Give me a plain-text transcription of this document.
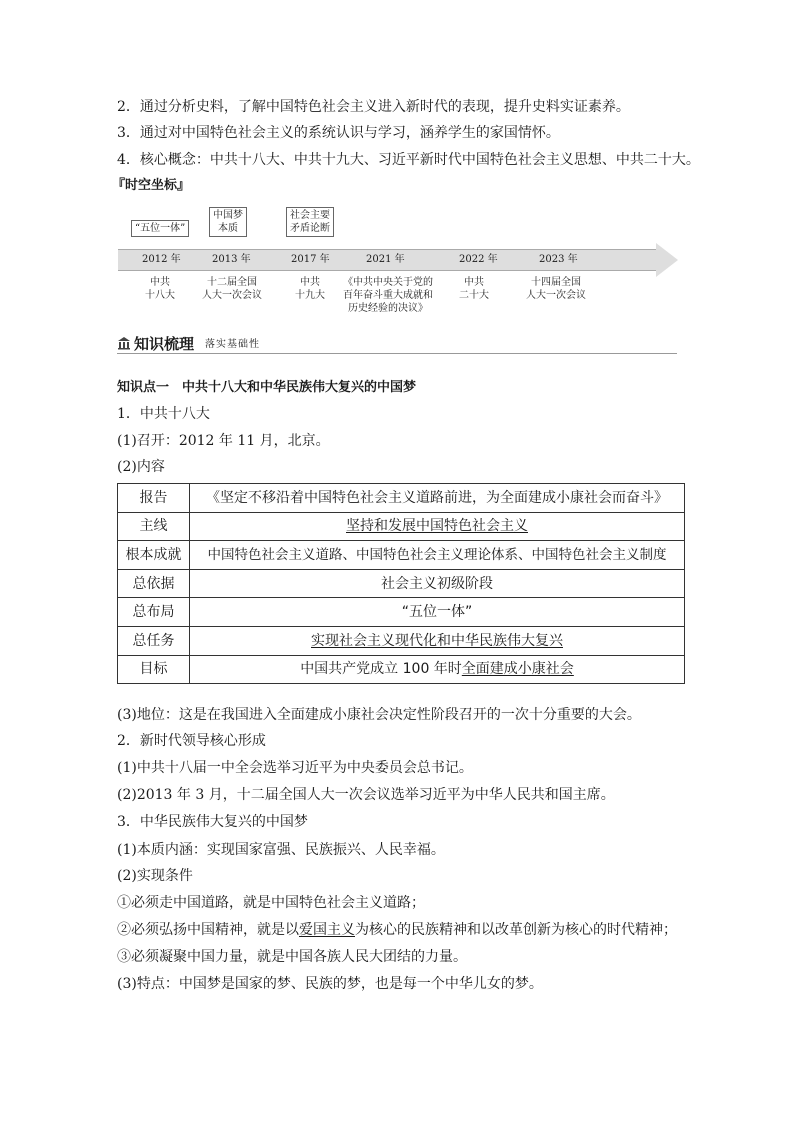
2．通过分析史料，了解中国特色社会主义进入新时代的表现，提升史料实证素养。
3．通过对中国特色社会主义的系统认识与学习，涵养学生的家国情怀。
4．核心概念：中共十八大、中共十九大、习近平新时代中国特色社会主义思想、中共二十大。
『时空坐标』
“五位一体”
中国梦
本质
社会主要
矛盾论断
2012 年	2013 年	2017 年	2021 年	2022 年	2023 年
中共
十八大
十二届全国
人大一次会议
中共
十九大
《中共中央关于党的
百年奋斗重大成就和
历史经验的决议》
中共
二十大
十四届全国
人大一次会议
知识梳理 落实基础性
知识点一　中共十八大和中华民族伟大复兴的中国梦
1．中共十八大
(1)召开：2012 年 11 月，北京。
(2)内容
报告	《坚定不移沿着中国特色社会主义道路前进，为全面建成小康社会而奋斗》
主线	坚持和发展中国特色社会主义
根本成就	中国特色社会主义道路、中国特色社会主义理论体系、中国特色社会主义制度
总依据	社会主义初级阶段
总布局	“五位一体”
总任务	实现社会主义现代化和中华民族伟大复兴
目标	中国共产党成立 100 年时全面建成小康社会
(3)地位：这是在我国进入全面建成小康社会决定性阶段召开的一次十分重要的大会。
2．新时代领导核心形成
(1)中共十八届一中全会选举习近平为中央委员会总书记。
(2)2013 年 3 月，十二届全国人大一次会议选举习近平为中华人民共和国主席。
3．中华民族伟大复兴的中国梦
(1)本质内涵：实现国家富强、民族振兴、人民幸福。
(2)实现条件
①必须走中国道路，就是中国特色社会主义道路；
②必须弘扬中国精神，就是以爱国主义为核心的民族精神和以改革创新为核心的时代精神；
③必须凝聚中国力量，就是中国各族人民大团结的力量。
(3)特点：中国梦是国家的梦、民族的梦，也是每一个中华儿女的梦。
